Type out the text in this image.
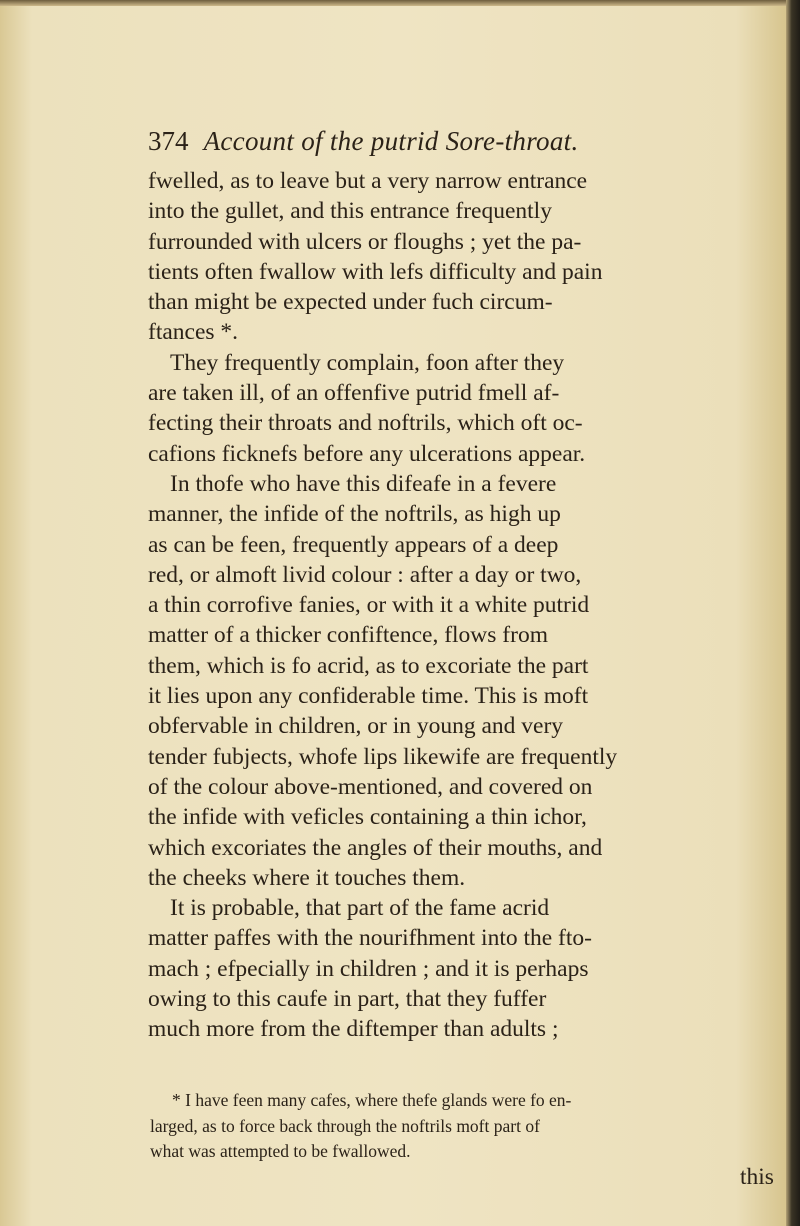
374 Account of the putrid Sore-throat.
fwelled, as to leave but a very narrow entrance
into the gullet, and this entrance frequently
furrounded with ulcers or floughs ; yet the pa-
tients often fwallow with lefs difficulty and pain
than might be expected under fuch circum-
ftances *.
They frequently complain, foon after they
are taken ill, of an offenfive putrid fmell af-
fecting their throats and noftrils, which oft oc-
cafions ficknefs before any ulcerations appear.
In thofe who have this difeafe in a fevere
manner, the infide of the noftrils, as high up
as can be feen, frequently appears of a deep
red, or almoft livid colour : after a day or two,
a thin corrofive fanies, or with it a white putrid
matter of a thicker confiftence, flows from
them, which is fo acrid, as to excoriate the part
it lies upon any confiderable time. This is moft
obfervable in children, or in young and very
tender fubjects, whofe lips likewife are frequently
of the colour above-mentioned, and covered on
the infide with veficles containing a thin ichor,
which excoriates the angles of their mouths, and
the cheeks where it touches them.
It is probable, that part of the fame acrid
matter paffes with the nourifhment into the fto-
mach ; efpecially in children ; and it is perhaps
owing to this caufe in part, that they fuffer
much more from the diftemper than adults ;
* I have feen many cafes, where thefe glands were fo en-
larged, as to force back through the noftrils moft part of
what was attempted to be fwallowed.
this
